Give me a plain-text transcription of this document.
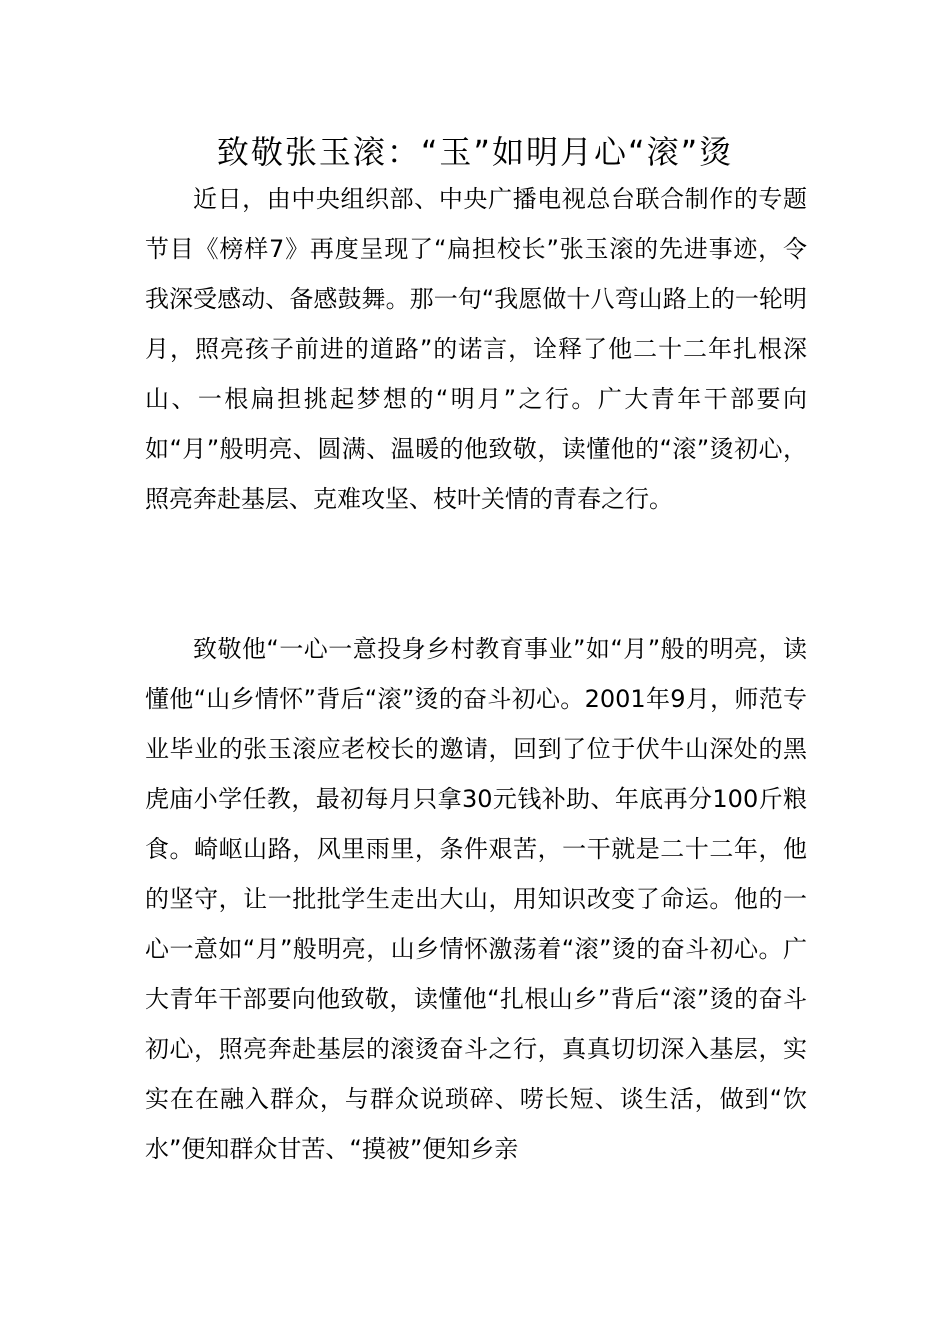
致敬张玉滚：“玉”如明月心“滚”烫

近日，由中央组织部、中央广播电视总台联合制作的专题节目《榜样7》再度呈现了“扁担校长”张玉滚的先进事迹，令我深受感动、备感鼓舞。那一句“我愿做十八弯山路上的一轮明月，照亮孩子前进的道路”的诺言，诠释了他二十二年扎根深山、一根扁担挑起梦想的“明月”之行。广大青年干部要向如“月”般明亮、圆满、温暖的他致敬，读懂他的“滚”烫初心，照亮奔赴基层、克难攻坚、枝叶关情的青春之行。

致敬他“一心一意投身乡村教育事业”如“月”般的明亮，读懂他“山乡情怀”背后“滚”烫的奋斗初心。2001年9月，师范专业毕业的张玉滚应老校长的邀请，回到了位于伏牛山深处的黑虎庙小学任教，最初每月只拿30元钱补助、年底再分100斤粮食。崎岖山路，风里雨里，条件艰苦，一干就是二十二年，他的坚守，让一批批学生走出大山，用知识改变了命运。他的一心一意如“月”般明亮，山乡情怀激荡着“滚”烫的奋斗初心。广大青年干部要向他致敬，读懂他“扎根山乡”背后“滚”烫的奋斗初心，照亮奔赴基层的滚烫奋斗之行，真真切切深入基层，实实在在融入群众，与群众说琐碎、唠长短、谈生活，做到“饮水”便知群众甘苦、“摸被”便知乡亲
